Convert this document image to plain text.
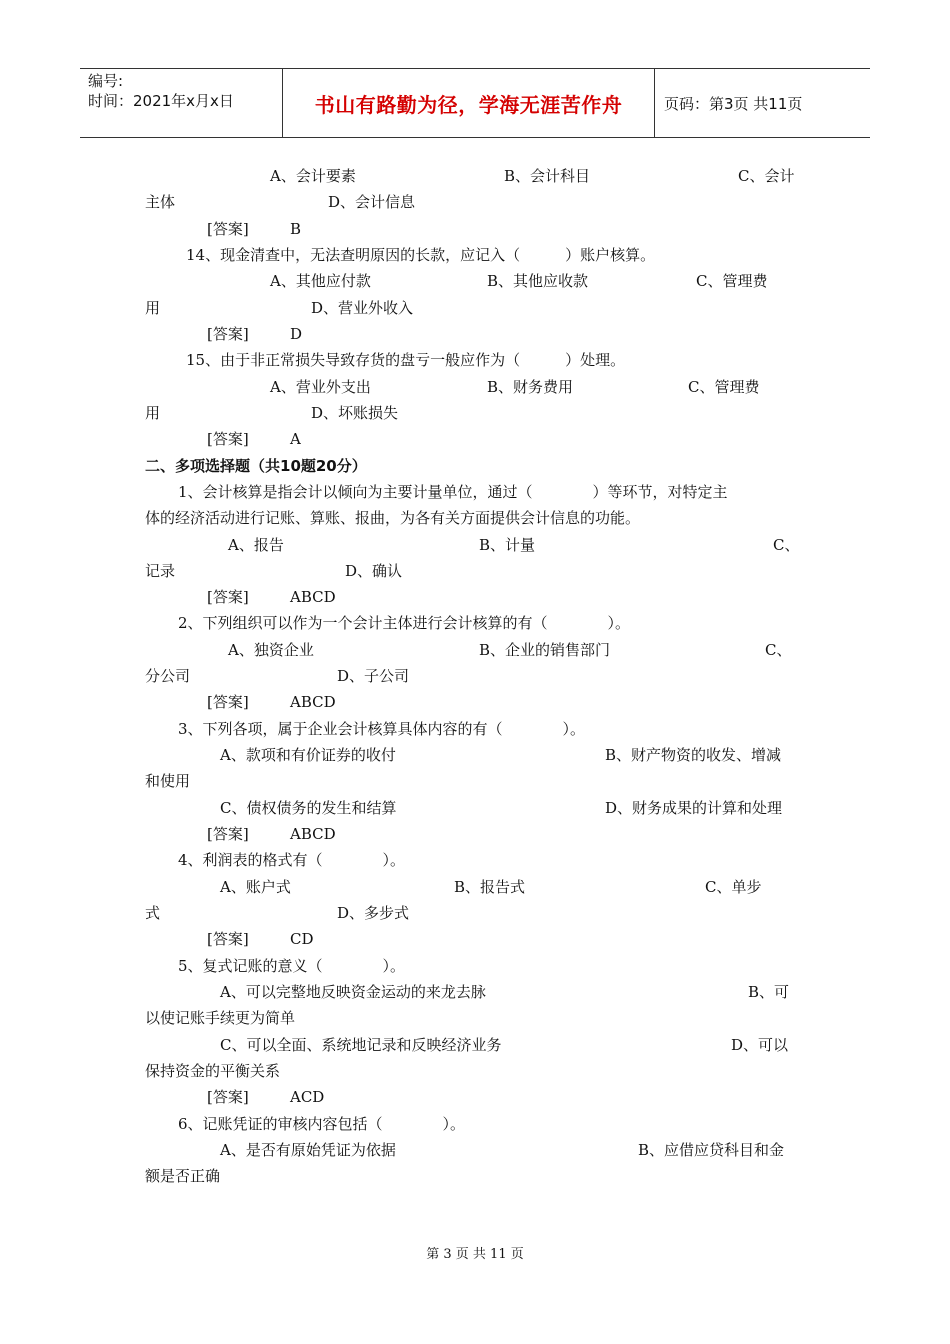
编号:
时间：2021年x月x日	书山有路勤为径，学海无涯苦作舟	页码：第3页 共11页
A、会计要素	B、会计科目	C、会计
主体	D、会计信息
[答案]	B
14、现金清查中，无法查明原因的长款，应记入（　　　）账户核算。
A、其他应付款	B、其他应收款	C、管理费
用	D、营业外收入
[答案]	D
15、由于非正常损失导致存货的盘亏一般应作为（　　　）处理。
A、营业外支出	B、财务费用	C、管理费
用	D、坏账损失
[答案]	A
二、多项选择题（共10题20分）
1、会计核算是指会计以倾向为主要计量单位，通过（　　　　）等环节，对特定主
体的经济活动进行记账、算账、报曲，为各有关方面提供会计信息的功能。
A、报告	B、计量	C、
记录	D、确认
[答案]	ABCD
2、下列组织可以作为一个会计主体进行会计核算的有（　　　　）。
A、独资企业	B、企业的销售部门	C、
分公司	D、子公司
[答案]	ABCD
3、下列各项，属于企业会计核算具体内容的有（　　　　）。
A、款项和有价证券的收付	B、财产物资的收发、增减
和使用
C、债权债务的发生和结算	D、财务成果的计算和处理
[答案]	ABCD
4、利润表的格式有（　　　　）。
A、账户式	B、报告式	C、单步
式	D、多步式
[答案]	CD
5、复式记账的意义（　　　　）。
A、可以完整地反映资金运动的来龙去脉	B、可
以使记账手续更为简单
C、可以全面、系统地记录和反映经济业务	D、可以
保持资金的平衡关系
[答案]	ACD
6、记账凭证的审核内容包括（　　　　）。
A、是否有原始凭证为依据	B、应借应贷科目和金
额是否正确
第 3 页 共 11 页
